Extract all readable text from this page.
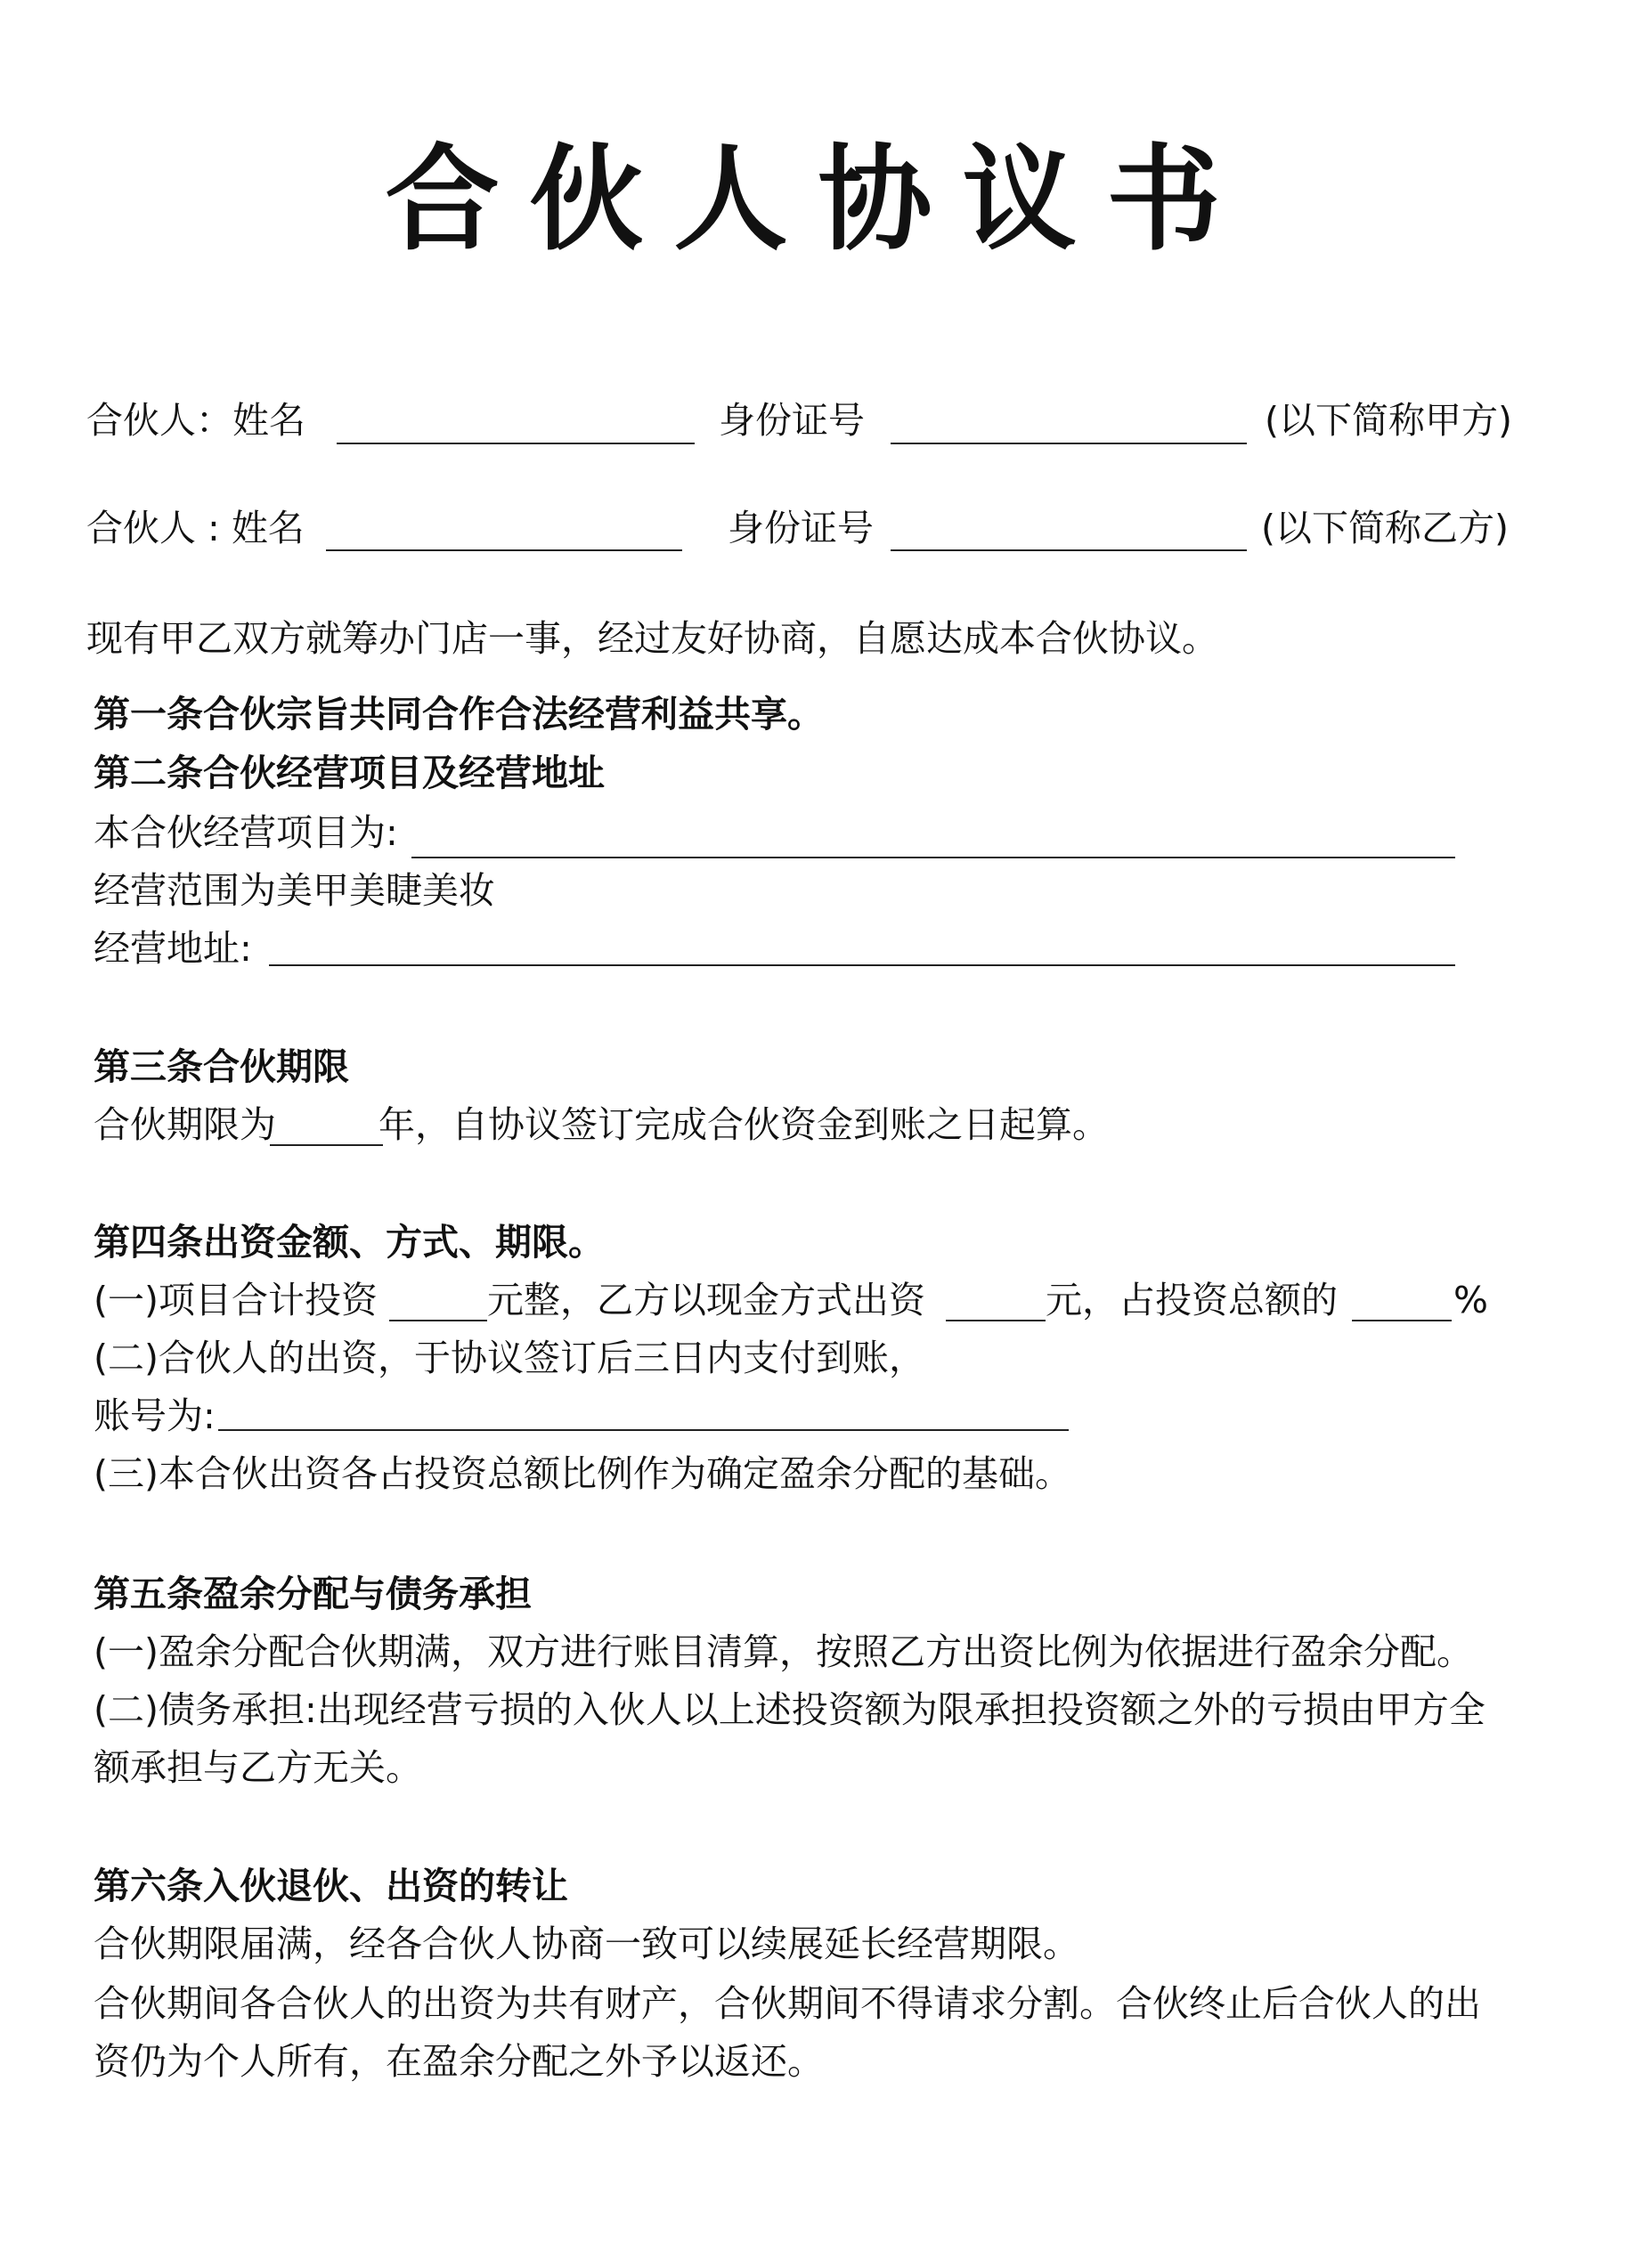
合伙人协议书
合伙人：姓名	身份证号	(以下简称甲方)
合伙人 : 姓名	身份证号	(以下简称乙方)
现有甲乙双方就筹办门店一事，经过友好协商，自愿达成本合伙协议。
第一条合伙宗旨共同合作合法经营利益共享。
第二条合伙经营项目及经营地址
本合伙经营项目为:
经营范围为美甲美睫美妆
经营地址:
第三条合伙期限
合伙期限为	年，自协议签订完成合伙资金到账之日起算。
第四条出资金额、方式、期限。
(一)项目合计投资	元整，乙方以现金方式出资	元，占投资总额的	%
(二)合伙人的出资，于协议签订后三日内支付到账，
账号为:
(三)本合伙出资各占投资总额比例作为确定盈余分配的基础。
第五条盈余分配与债务承担
(一)盈余分配合伙期满，双方进行账目清算，按照乙方出资比例为依据进行盈余分配。
(二)债务承担:出现经营亏损的入伙人以上述投资额为限承担投资额之外的亏损由甲方全
额承担与乙方无关。
第六条入伙退伙、出资的转让
合伙期限届满，经各合伙人协商一致可以续展延长经营期限。
合伙期间各合伙人的出资为共有财产，合伙期间不得请求分割。合伙终止后合伙人的出
资仍为个人所有，在盈余分配之外予以返还。
